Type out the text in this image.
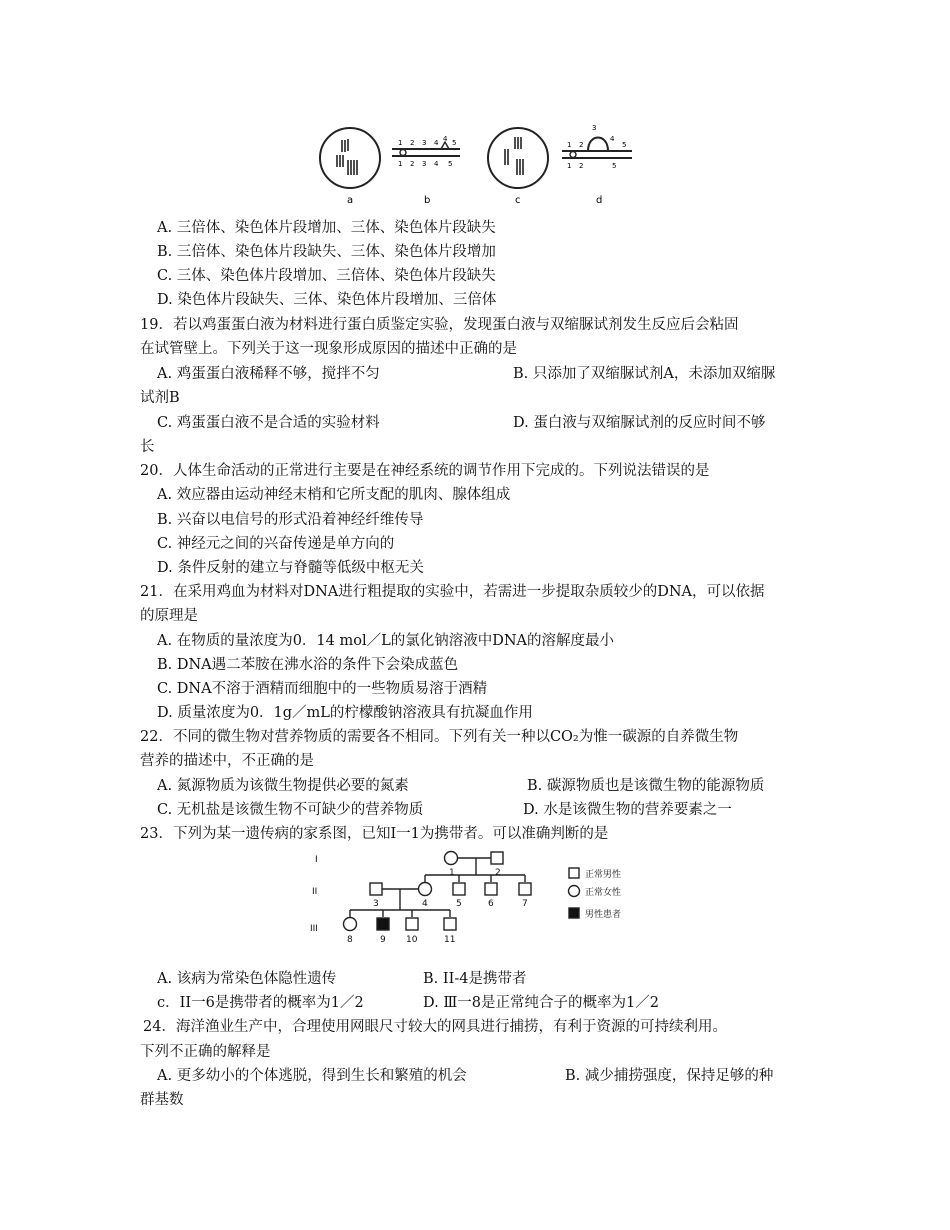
1 2 3 4 4 5
1 2 3 4 5
1 2
3
4
5
1 2	5
a	b	c	d
A. 三倍体、染色体片段增加、三体、染色体片段缺失
B. 三倍体、染色体片段缺失、三体、染色体片段增加
C. 三体、染色体片段增加、三倍体、染色体片段缺失
D. 染色体片段缺失、三体、染色体片段增加、三倍体
19．若以鸡蛋蛋白液为材料进行蛋白质鉴定实验，发现蛋白液与双缩脲试剂发生反应后会粘固
在试管壁上。下列关于这一现象形成原因的描述中正确的是
A. 鸡蛋蛋白液稀释不够，搅拌不匀	B. 只添加了双缩脲试剂A，未添加双缩脲
试剂B
C. 鸡蛋蛋白液不是合适的实验材料	D. 蛋白液与双缩脲试剂的反应时间不够
长
20．人体生命活动的正常进行主要是在神经系统的调节作用下完成的。下列说法错误的是
A. 效应器由运动神经末梢和它所支配的肌肉、腺体组成
B. 兴奋以电信号的形式沿着神经纤维传导
C. 神经元之间的兴奋传递是单方向的
D. 条件反射的建立与脊髓等低级中枢无关
21．在采用鸡血为材料对DNA进行粗提取的实验中，若需进一步提取杂质较少的DNA，可以依据
的原理是
A. 在物质的量浓度为0．14 mol／L的氯化钠溶液中DNA的溶解度最小
B. DNA遇二苯胺在沸水浴的条件下会染成蓝色
C. DNA不溶于酒精而细胞中的一些物质易溶于酒精
D. 质量浓度为0．1g／mL的柠檬酸钠溶液具有抗凝血作用
22．不同的微生物对营养物质的需要各不相同。下列有关一种以CO₂为惟一碳源的自养微生物
营养的描述中，不正确的是
A. 氮源物质为该微生物提供必要的氮素	B. 碳源物质也是该微生物的能源物质
C. 无机盐是该微生物不可缺少的营养物质	D. 水是该微生物的营养要素之一
23．下列为某一遗传病的家系图，已知I一1为携带者。可以准确判断的是
I
II
III
1	2
3	4	5	6	7
8	9 10	11
正常男性
正常女性
男性患者
A. 该病为常染色体隐性遗传	B. II-4是携带者
c．II一6是携带者的概率为1／2	D. Ⅲ一8是正常纯合子的概率为1／2
24．海洋渔业生产中，合理使用网眼尺寸较大的网具进行捕捞，有利于资源的可持续利用。
下列不正确的解释是
A. 更多幼小的个体逃脱，得到生长和繁殖的机会	B. 减少捕捞强度，保持足够的种
群基数
